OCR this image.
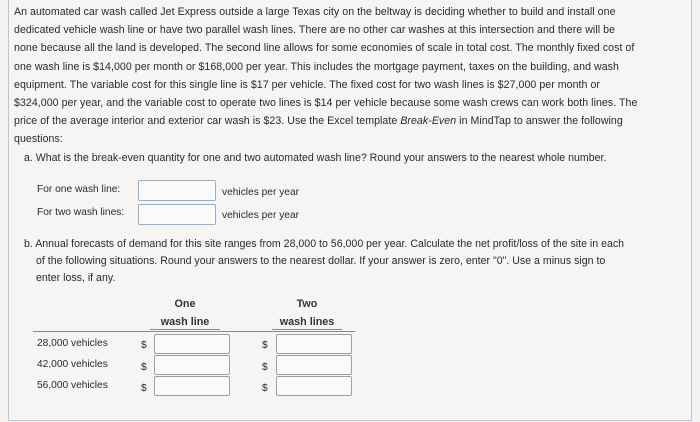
An automated car wash called Jet Express outside a large Texas city on the beltway is deciding whether to build and install one
dedicated vehicle wash line or have two parallel wash lines. There are no other car washes at this intersection and there will be
none because all the land is developed. The second line allows for some economies of scale in total cost. The monthly fixed cost of
one wash line is $14,000 per month or $168,000 per year. This includes the mortgage payment, taxes on the building, and wash
equipment. The variable cost for this single line is $17 per vehicle. The fixed cost for two wash lines is $27,000 per month or
$324,000 per year, and the variable cost to operate two lines is $14 per vehicle because some wash crews can work both lines. The
price of the average interior and exterior car wash is $23. Use the Excel template Break-Even in MindTap to answer the following
questions:
a. What is the break-even quantity for one and two automated wash line? Round your answers to the nearest whole number.
For one wash line:	vehicles per year
For two wash lines:	vehicles per year
b. Annual forecasts of demand for this site ranges from 28,000 to 56,000 per year. Calculate the net profit/loss of the site in each
of the following situations. Round your answers to the nearest dollar. If your answer is zero, enter "0". Use a minus sign to
enter loss, if any.
One
wash line
Two
wash lines
28,000 vehicles	$	$
42,000 vehicles	$	$
56,000 vehicles	$	$
